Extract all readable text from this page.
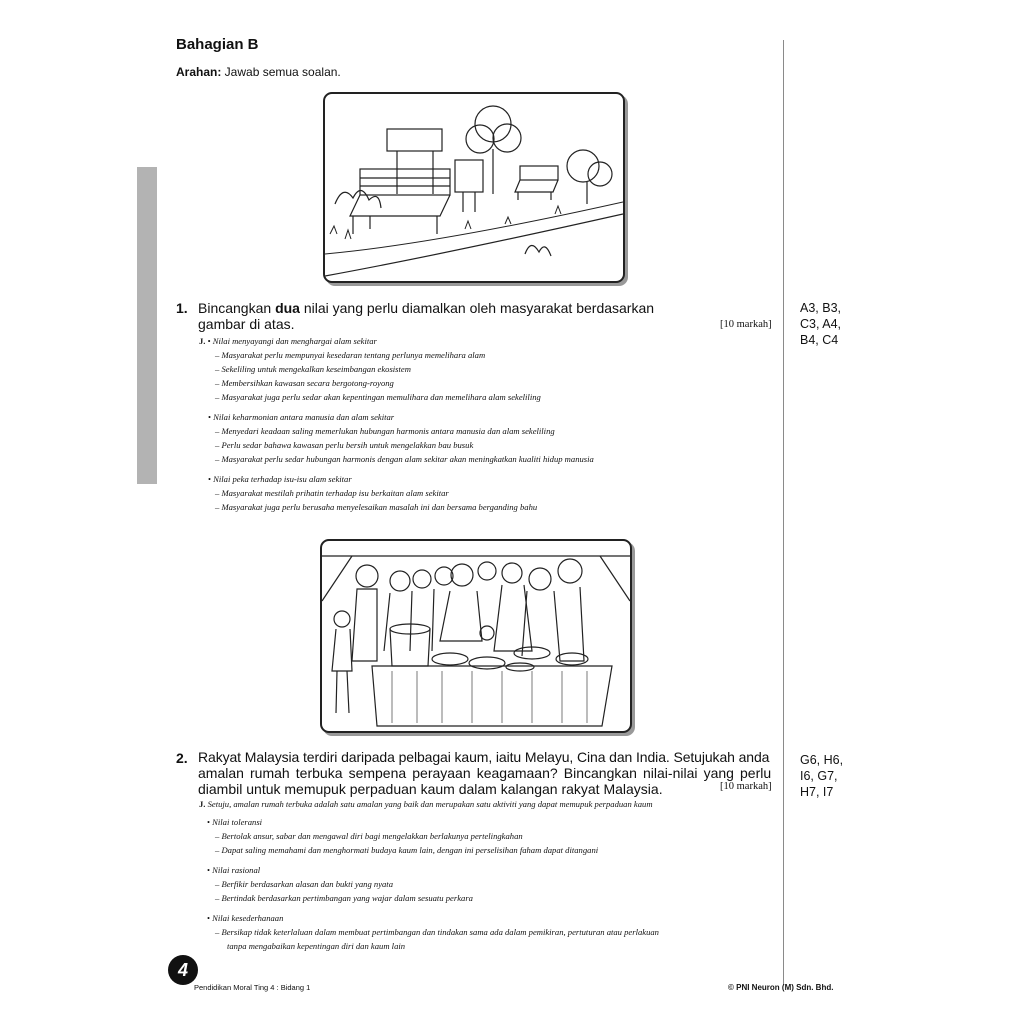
Bahagian B
Arahan: Jawab semua soalan.
1. Bincangkan dua nilai yang perlu diamalkan oleh masyarakat berdasarkan
gambar di atas.	[10 markah]
A3, B3,
C3, A4,
B4, C4
J. • Nilai menyayangi dan menghargai alam sekitar
– Masyarakat perlu mempunyai kesedaran tentang perlunya memelihara alam
– Sekeliling untuk mengekalkan keseimbangan ekosistem
– Membersihkan kawasan secara bergotong-royong
– Masyarakat juga perlu sedar akan kepentingan memulihara dan memelihara alam sekeliling
• Nilai keharmonian antara manusia dan alam sekitar
– Menyedari keadaan saling memerlukan hubungan harmonis antara manusia dan alam sekeliling
– Perlu sedar bahawa kawasan perlu bersih untuk mengelakkan bau busuk
– Masyarakat perlu sedar hubungan harmonis dengan alam sekitar akan meningkatkan kualiti hidup manusia
• Nilai peka terhadap isu-isu alam sekitar
– Masyarakat mestilah prihatin terhadap isu berkaitan alam sekitar
– Masyarakat juga perlu berusaha menyelesaikan masalah ini dan bersama berganding bahu
2. Rakyat Malaysia terdiri daripada pelbagai kaum, iaitu Melayu, Cina dan India. Setujukah anda
amalan rumah terbuka sempena perayaan keagamaan? Bincangkan nilai-nilai yang perlu
diambil untuk memupuk perpaduan kaum dalam kalangan rakyat Malaysia.	[10 markah]
G6, H6,
I6, G7,
H7, I7
J. Setuju, amalan rumah terbuka adalah satu amalan yang baik dan merupakan satu aktiviti yang dapat memupuk perpaduan kaum
• Nilai toleransi
– Bertolak ansur, sabar dan mengawal diri bagi mengelakkan berlakunya pertelingkahan
– Dapat saling memahami dan menghormati budaya kaum lain, dengan ini perselisihan faham dapat ditangani
• Nilai rasional
– Berfikir berdasarkan alasan dan bukti yang nyata
– Bertindak berdasarkan pertimbangan yang wajar dalam sesuatu perkara
• Nilai kesederhanaan
– Bersikap tidak keterlaluan dalam membuat pertimbangan dan tindakan sama ada dalam pemikiran, pertuturan atau perlakuan
tanpa mengabaikan kepentingan diri dan kaum lain
4
Pendidikan Moral Ting 4 : Bidang 1	© PNI Neuron (M) Sdn. Bhd.
